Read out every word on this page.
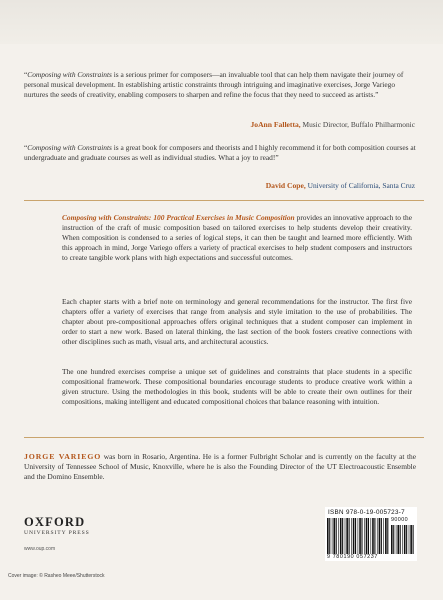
“Composing with Constraints is a serious primer for composers—an invaluable tool that can help them navigate their journey of personal musical development. In establishing artistic constraints through intriguing and imaginative exercises, Jorge Variego nurtures the seeds of creativity, enabling composers to sharpen and refine the focus that they need to succeed as artists.”
JoAnn Falletta, Music Director, Buffalo Philharmonic
“Composing with Constraints is a great book for composers and theorists and I highly recommend it for both composition courses at undergraduate and graduate courses as well as individual studies. What a joy to read!”
David Cope, University of California, Santa Cruz
Composing with Constraints: 100 Practical Exercises in Music Composition provides an innovative approach to the instruction of the craft of music composition based on tailored exercises to help students develop their creativity. When composition is condensed to a series of logical steps, it can then be taught and learned more efficiently. With this approach in mind, Jorge Variego offers a variety of practical exercises to help student composers and instructors to create tangible work plans with high expectations and successful outcomes.
Each chapter starts with a brief note on terminology and general recommendations for the instructor. The first five chapters offer a variety of exercises that range from analysis and style imitation to the use of probabilities. The chapter about pre-compositional approaches offers original techniques that a student composer can implement in order to start a new work. Based on lateral thinking, the last section of the book fosters creative connections with other disciplines such as math, visual arts, and architectural acoustics.
The one hundred exercises comprise a unique set of guidelines and constraints that place students in a specific compositional framework. These compositional boundaries encourage students to produce creative work within a given structure. Using the methodologies in this book, students will be able to create their own outlines for their compositions, making intelligent and educated compositional choices that balance reasoning with intuition.
JORGE VARIEGO was born in Rosario, Argentina. He is a former Fulbright Scholar and is currently on the faculty at the University of Tennessee School of Music, Knoxville, where he is also the Founding Director of the UT Electroacoustic Ensemble and the Domino Ensemble.
OXFORD
UNIVERSITY PRESS
www.oup.com
Cover image: © Rasheo Meee/Shutterstock
ISBN 978-0-19-005723-7
90000
9 780190 057237
